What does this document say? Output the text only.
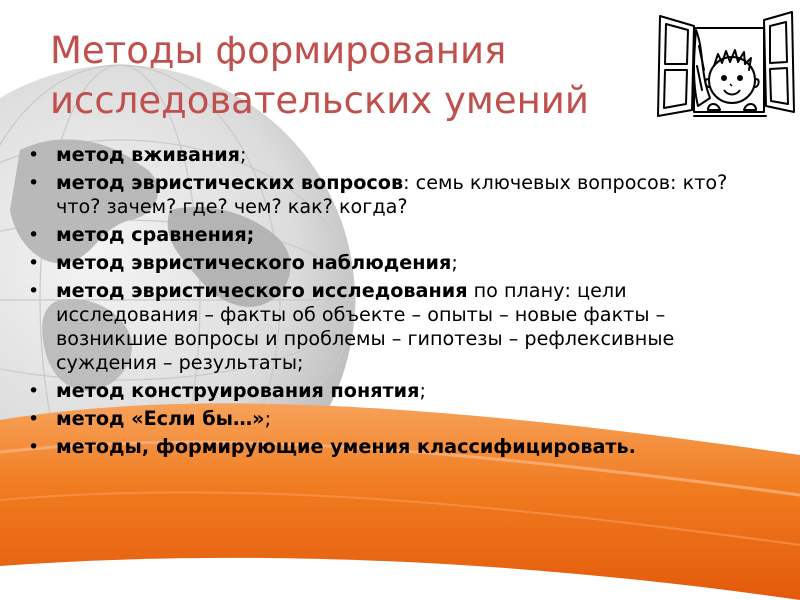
Методы формирования
исследовательских умений
• метод вживания;
• метод эвристических вопросов: семь ключевых вопросов: кто? что? зачем? где? чем? как? когда?
• метод сравнения;
• метод эвристического наблюдения;
• метод эвристического исследования по плану: цели исследования – факты об объекте – опыты – новые факты – возникшие вопросы и проблемы – гипотезы – рефлексивные суждения – результаты;
• метод конструирования понятия;
• метод «Если бы…»;
• методы, формирующие умения классифицировать.
